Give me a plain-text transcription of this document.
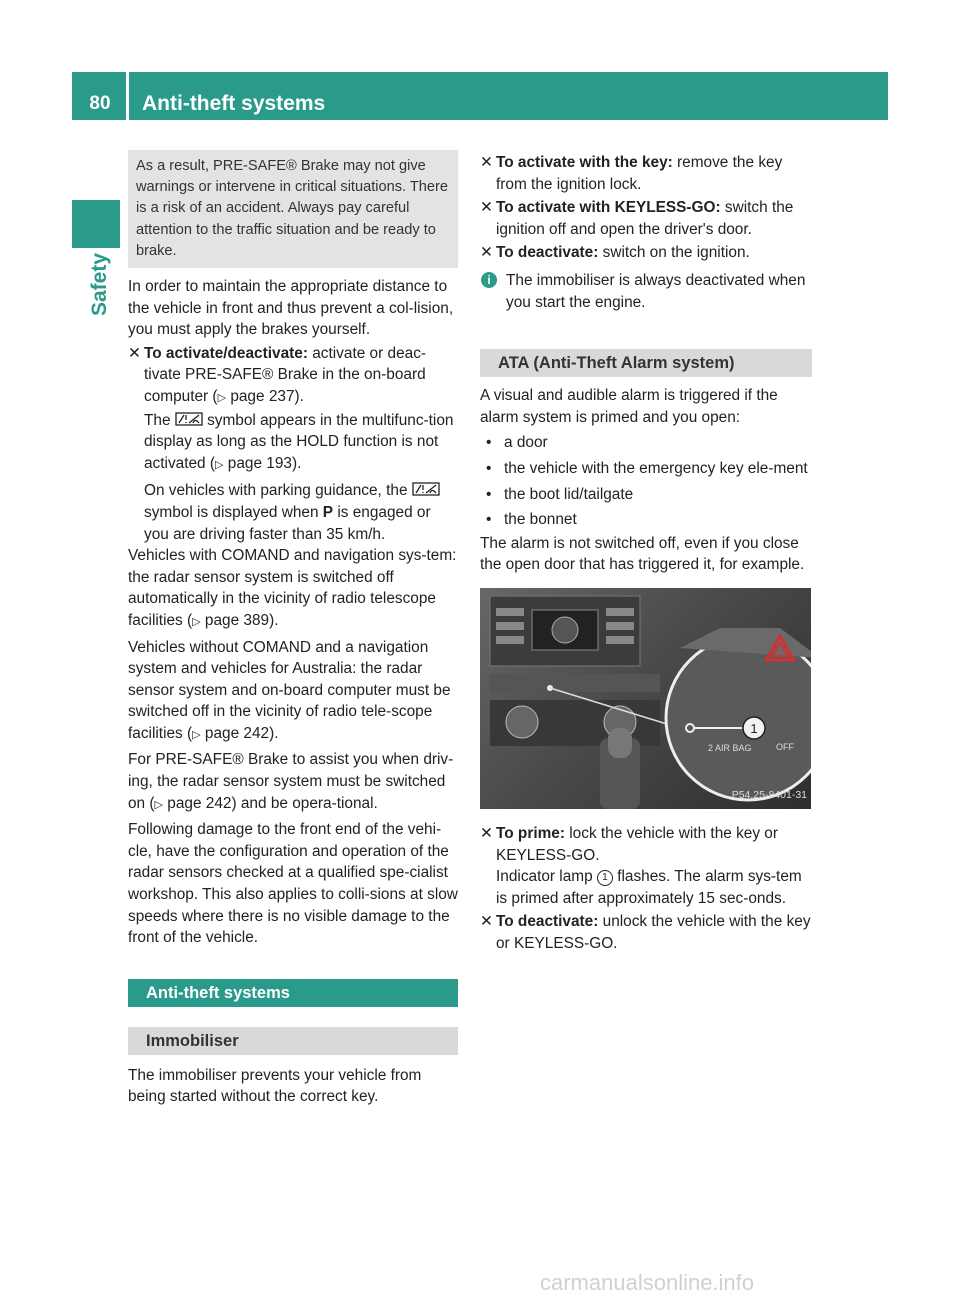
80	Anti-theft systems
Safety
As a result, PRE-SAFE® Brake may not give warnings or intervene in critical situations. There is a risk of an accident. Always pay careful attention to the traffic situation and be ready to brake.

In order to maintain the appropriate distance to the vehicle in front and thus prevent a col-lision, you must apply the brakes yourself.

✕ To activate/deactivate: activate or deac-tivate PRE-SAFE® Brake in the on-board computer (▷ page 237).

The symbol appears in the multifunc-tion display as long as the HOLD function is not activated (▷ page 193).

On vehicles with parking guidance, the  symbol is displayed when P is engaged or you are driving faster than 35 km/h.

Vehicles with COMAND and navigation sys-tem: the radar sensor system is switched off automatically in the vicinity of radio telescope facilities (▷ page 389).

Vehicles without COMAND and a navigation system and vehicles for Australia: the radar sensor system and on-board computer must be switched off in the vicinity of radio tele-scope facilities (▷ page 242).

For PRE-SAFE® Brake to assist you when driv-ing, the radar sensor system must be switched on (▷ page 242) and be opera-tional.

Following damage to the front end of the vehi-cle, have the configuration and operation of the radar sensors checked at a qualified spe-cialist workshop. This also applies to colli-sions at slow speeds where there is no visible damage to the front of the vehicle.

Anti-theft systems
Immobiliser

The immobiliser prevents your vehicle from being started without the correct key.

✕ To activate with the key: remove the key from the ignition lock.
✕ To activate with KEYLESS-GO: switch the ignition off and open the driver's door.
✕ To deactivate: switch on the ignition.
i The immobiliser is always deactivated when you start the engine.
ATA (Anti-Theft Alarm system)

A visual and audible alarm is triggered if the alarm system is primed and you open:

• a door
• the vehicle with the emergency key ele-ment
• the boot lid/tailgate
• the bonnet

The alarm is not switched off, even if you close the open door that has triggered it, for example.

1
2 AIR BAG	OFF
P54.25-8401-31
✕ To prime: lock the vehicle with the key or KEYLESS-GO.

Indicator lamp 1 flashes. The alarm sys-tem is primed after approximately 15 sec-onds.

✕ To deactivate: unlock the vehicle with the key or KEYLESS-GO.
carmanualsonline.info
